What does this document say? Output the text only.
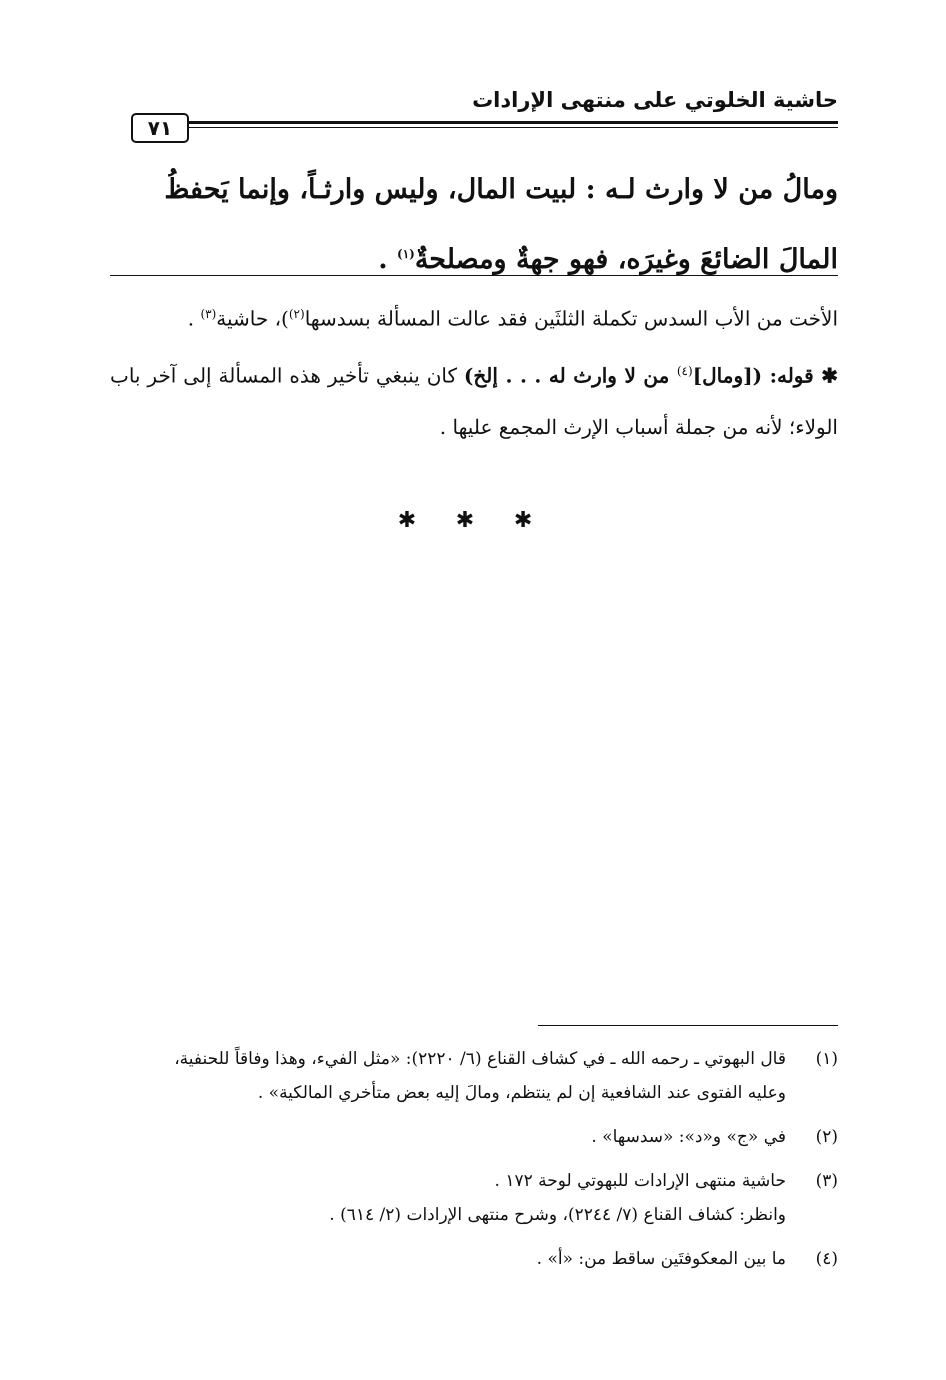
حاشية الخلوتي على منتهى الإرادات
٧١

ومالُ من لا وارث لـه : لبيت المال، وليس وارثـاً، وإنما يَحفظُ

المالَ الضائعَ وغيرَه، فهو جهةٌ ومصلحةٌ$^{(١)}$ .

الأخت من الأب السدس تكملة الثلثَين فقد عالت المسألة بسدسها$^{(٢)}$)، حاشية$^{(٣)}$ .

✱ قوله: ([ومال]$^{(٤)}$ من لا وارث له . . . إلخ) كان ينبغي تأخير هذه المسألة إلى آخر باب الولاء؛ لأنه من جملة أسباب الإرث المجمع عليها .

✱ ✱ ✱
(١)
قال البهوتي ـ رحمه الله ـ في كشاف القناع (٦/ ٢٢٢٠): «مثل الفيء، وهذا وفاقاً للحنفية،
وعليه الفتوى عند الشافعية إن لم ينتظم، ومالَ إليه بعض متأخري المالكية» .
(٢)
في «ج» و«د»: «سدسها» .
(٣)
حاشية منتهى الإرادات للبهوتي لوحة ١٧٢ .
وانظر: كشاف القناع (٧/ ٢٢٤٤)، وشرح منتهى الإرادات (٢/ ٦١٤) .
(٤)
ما بين المعكوفتَين ساقط من: «أ» .
